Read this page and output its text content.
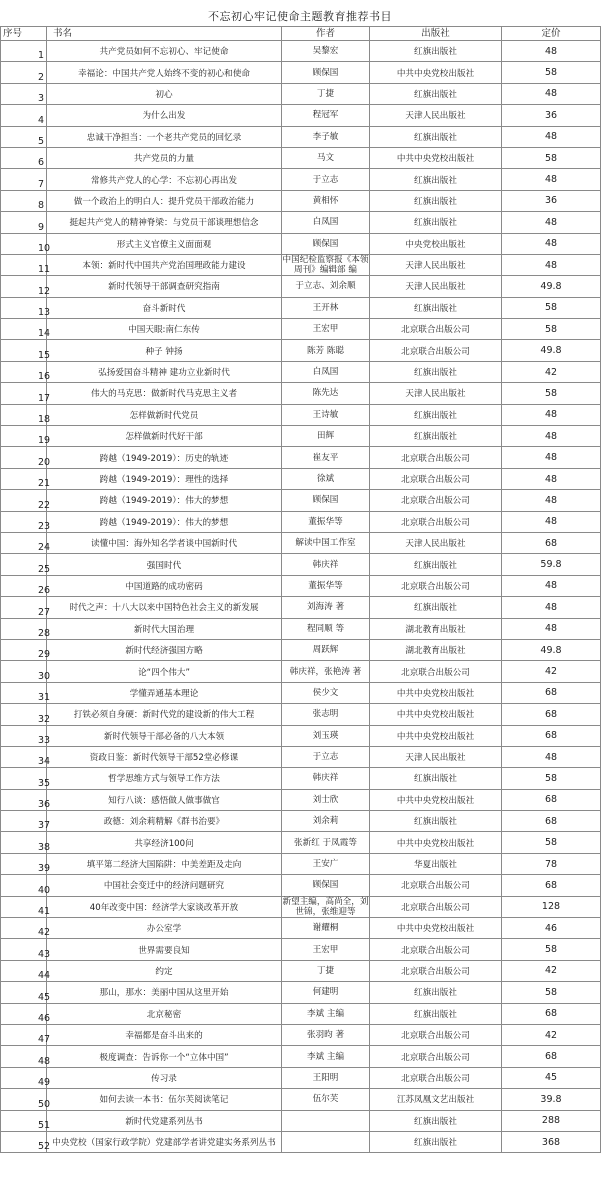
不忘初心牢记使命主题教育推荐书目
序号	书名	作者	出版社	定价
1	共产党员如何不忘初心、牢记使命	吴黎宏	红旗出版社	48
2	幸福论：中国共产党人始终不变的初心和使命	顾保国	中共中央党校出版社	58
3	初心	丁捷	红旗出版社	48
4	为什么出发	程冠军	天津人民出版社	36
5	忠诚干净担当：一个老共产党员的回忆录	李子敏	红旗出版社	48
6	共产党员的力量	马文	中共中央党校出版社	58
7	常修共产党人的心学：不忘初心再出发	于立志	红旗出版社	48
8	做一个政治上的明白人：提升党员干部政治能力	黄相怀	红旗出版社	36
9	挺起共产党人的精神脊梁：与党员干部谈理想信念	白凤国	红旗出版社	48
10	形式主义官僚主义面面观	顾保国	中央党校出版社	48
11	本领：新时代中国共产党治国理政能力建设	中国纪检监察报《本领周刊》编辑部 编	天津人民出版社	48
12	新时代领导干部调查研究指南	于立志、刘余顺	天津人民出版社	49.8
13	奋斗新时代	王开林	红旗出版社	58
14	中国天眼:南仁东传	王宏甲	北京联合出版公司	58
15	种子 钟扬	陈芳 陈聪	北京联合出版公司	49.8
16	弘扬爱国奋斗精神 建功立业新时代	白凤国	红旗出版社	42
17	伟大的马克思：做新时代马克思主义者	陈先达	天津人民出版社	58
18	怎样做新时代党员	王诗敏	红旗出版社	48
19	怎样做新时代好干部	田辉	红旗出版社	48
20	跨越（1949-2019）：历史的轨迹	崔友平	北京联合出版公司	48
21	跨越（1949-2019）：理性的选择	徐斌	北京联合出版公司	48
22	跨越（1949-2019）：伟大的梦想	顾保国	北京联合出版公司	48
23	跨越（1949-2019）：伟大的梦想	董振华等	北京联合出版公司	48
24	读懂中国：海外知名学者谈中国新时代	解读中国工作室	天津人民出版社	68
25	强国时代	韩庆祥	红旗出版社	59.8
26	中国道路的成功密码	董振华等	北京联合出版公司	48
27	时代之声：十八大以来中国特色社会主义的新发展	刘海涛 著	红旗出版社	48
28	新时代大国治理	程同顺 等	湖北教育出版社	48
29	新时代经济强国方略	周跃辉	湖北教育出版社	49.8
30	论“四个伟大”	韩庆祥，张艳涛 著	北京联合出版公司	42
31	学懂弄通基本理论	侯少文	中共中央党校出版社	68
32	打铁必须自身硬：新时代党的建设新的伟大工程	张志明	中共中央党校出版社	68
33	新时代领导干部必备的八大本领	刘玉瑛	中共中央党校出版社	68
34	资政日鉴：新时代领导干部52堂必修课	于立志	天津人民出版社	48
35	哲学思维方式与领导工作方法	韩庆祥	红旗出版社	58
36	知行八谈：感悟做人做事做官	刘士欣	中共中央党校出版社	68
37	政德：刘余莉精解《群书治要》	刘余莉	红旗出版社	68
38	共享经济100问	张新红 于凤霞等	中共中央党校出版社	58
39	填平第二经济大国陷阱：中美差距及走向	王安广	华夏出版社	78
40	中国社会变迁中的经济问题研究	顾保国	北京联合出版公司	68
41	40年改变中国：经济学大家谈改革开放	新望主编，高尚全，刘世锦，张维迎等	北京联合出版公司	128
42	办公室学	谢耀桐	中共中央党校出版社	46
43	世界需要良知	王宏甲	北京联合出版公司	58
44	约定	丁捷	北京联合出版公司	42
45	那山，那水：美丽中国从这里开始	何建明	红旗出版社	58
46	北京秘密	李斌 主编	红旗出版社	68
47	幸福都是奋斗出来的	张羽昀 著	北京联合出版公司	42
48	极度调查：告诉你一个“立体中国”	李斌 主编	北京联合出版公司	68
49	传习录	王阳明	北京联合出版公司	45
50	如何去读一本书：伍尔芙阅读笔记	伍尔芙	江苏凤凰文艺出版社	39.8
51	新时代党建系列丛书		红旗出版社	288
52	中央党校（国家行政学院）党建部学者讲党建实务系列丛书		红旗出版社	368
